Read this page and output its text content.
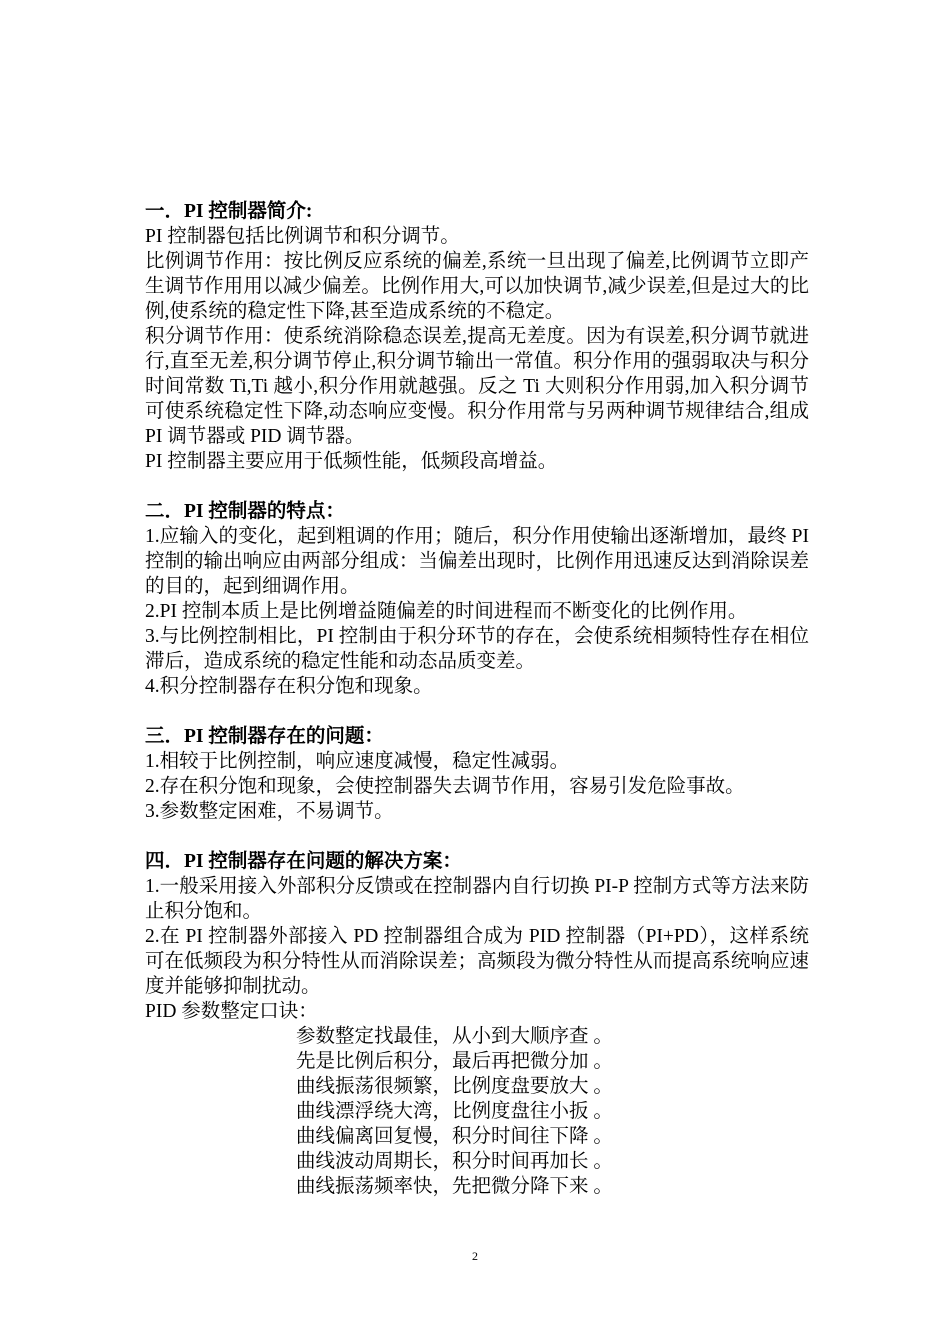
一．PI 控制器简介:
PI 控制器包括比例调节和积分调节。
比例调节作用：按比例反应系统的偏差,系统一旦出现了偏差,比例调节立即产生调节作用用以减少偏差。比例作用大,可以加快调节,减少误差,但是过大的比例,使系统的稳定性下降,甚至造成系统的不稳定。
积分调节作用：使系统消除稳态误差,提高无差度。因为有误差,积分调节就进行,直至无差,积分调节停止,积分调节输出一常值。积分作用的强弱取决与积分时间常数 Ti,Ti 越小,积分作用就越强。反之 Ti 大则积分作用弱,加入积分调节可使系统稳定性下降,动态响应变慢。积分作用常与另两种调节规律结合,组成 PI 调节器或 PID 调节器。
PI 控制器主要应用于低频性能，低频段高增益。
二．PI 控制器的特点：
1.应输入的变化，起到粗调的作用；随后，积分作用使输出逐渐增加，最终 PI 控制的输出响应由两部分组成：当偏差出现时，比例作用迅速反达到消除误差的目的，起到细调作用。
2.PI 控制本质上是比例增益随偏差的时间进程而不断变化的比例作用。
3.与比例控制相比，PI 控制由于积分环节的存在，会使系统相频特性存在相位滞后，造成系统的稳定性能和动态品质变差。
4.积分控制器存在积分饱和现象。
三．PI 控制器存在的问题：
1.相较于比例控制，响应速度减慢，稳定性减弱。
2.存在积分饱和现象，会使控制器失去调节作用，容易引发危险事故。
3.参数整定困难，不易调节。
四．PI 控制器存在问题的解决方案：
1.一般采用接入外部积分反馈或在控制器内自行切换 PI-P 控制方式等方法来防止积分饱和。
2.在 PI 控制器外部接入 PD 控制器组合成为 PID 控制器（PI+PD），这样系统可在低频段为积分特性从而消除误差；高频段为微分特性从而提高系统响应速度并能够抑制扰动。
PID 参数整定口诀：
参数整定找最佳，从小到大顺序查 。
先是比例后积分，最后再把微分加 。
曲线振荡很频繁，比例度盘要放大 。
曲线漂浮绕大湾，比例度盘往小扳 。
曲线偏离回复慢，积分时间往下降 。
曲线波动周期长，积分时间再加长 。
曲线振荡频率快，先把微分降下来 。
2
